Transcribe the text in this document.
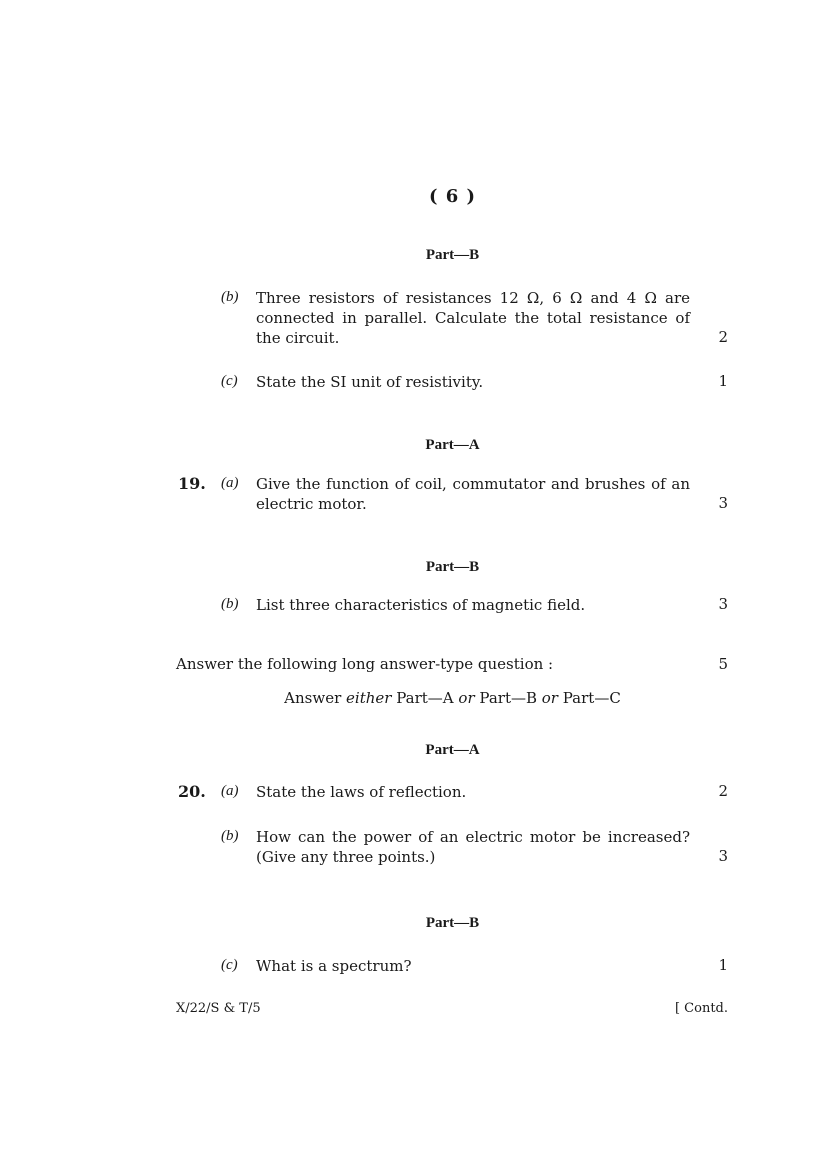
( 6 )
Part—B
(b) Three resistors of resistances 12 Ω, 6 Ω and 4 Ω are connected in parallel. Calculate the total resistance of the circuit.	2
(c) State the SI unit of resistivity.	1
Part—A
19. (a) Give the function of coil, commutator and brushes of an electric motor.	3
Part—B
(b) List three characteristics of magnetic field.	3
Answer the following long answer-type question :	5
Answer either Part—A or Part—B or Part—C
Part—A
20. (a) State the laws of reflection.	2
(b) How can the power of an electric motor be increased? (Give any three points.)	3
Part—B
(c) What is a spectrum?	1
X/22/S & T/5	[ Contd.
